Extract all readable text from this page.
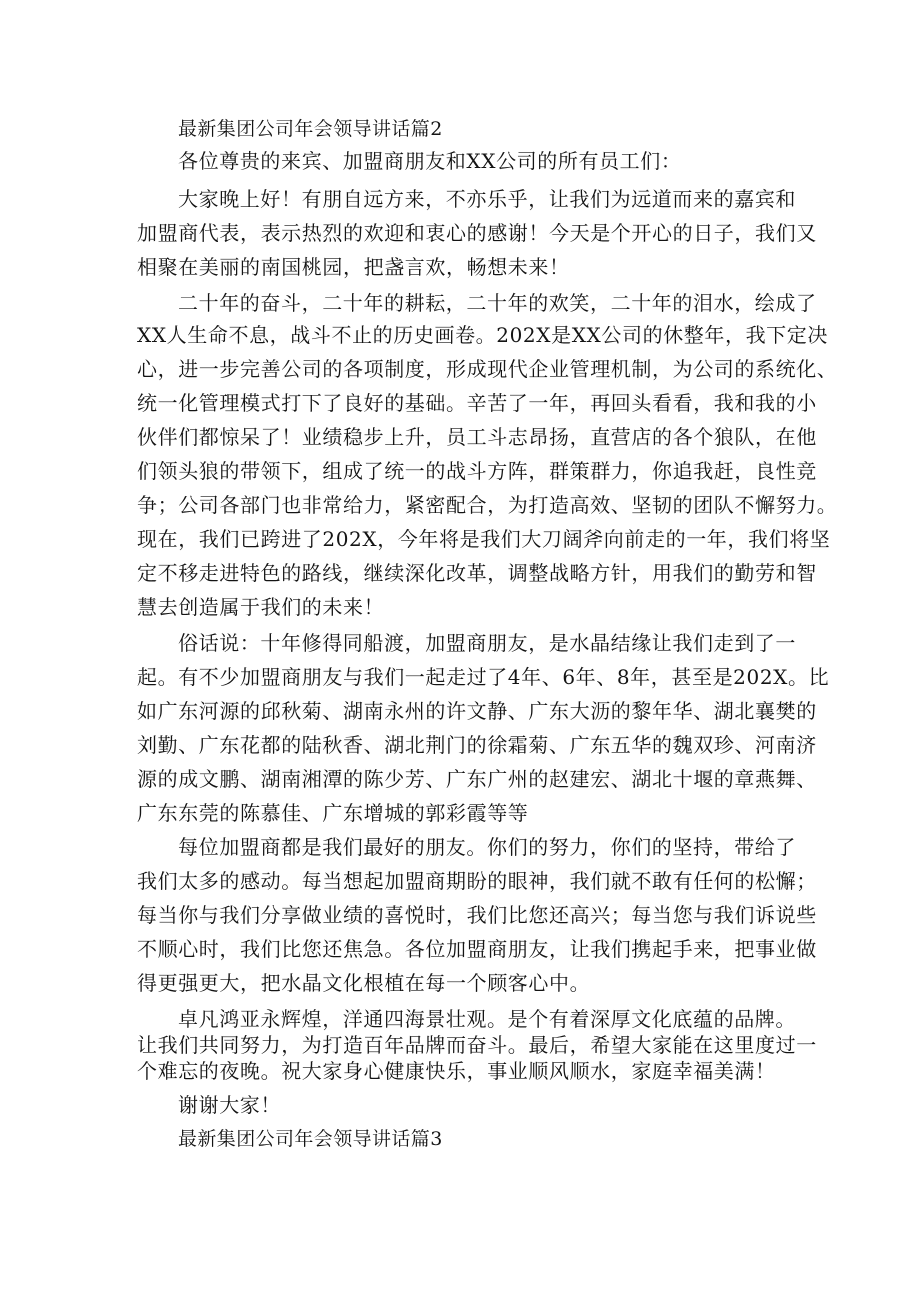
最新集团公司年会领导讲话篇2
各位尊贵的来宾、加盟商朋友和XX公司的所有员工们：
大家晚上好！有朋自远方来，不亦乐乎，让我们为远道而来的嘉宾和
加盟商代表，表示热烈的欢迎和衷心的感谢！今天是个开心的日子，我们又
相聚在美丽的南国桃园，把盏言欢，畅想未来！
二十年的奋斗，二十年的耕耘，二十年的欢笑，二十年的泪水，绘成了
XX人生命不息，战斗不止的历史画卷。202X是XX公司的休整年，我下定决
心，进一步完善公司的各项制度，形成现代企业管理机制，为公司的系统化、
统一化管理模式打下了良好的基础。辛苦了一年，再回头看看，我和我的小
伙伴们都惊呆了！业绩稳步上升，员工斗志昂扬，直营店的各个狼队，在他
们领头狼的带领下，组成了统一的战斗方阵，群策群力，你追我赶，良性竞
争；公司各部门也非常给力，紧密配合，为打造高效、坚韧的团队不懈努力。
现在，我们已跨进了202X，今年将是我们大刀阔斧向前走的一年，我们将坚
定不移走进特色的路线，继续深化改革，调整战略方针，用我们的勤劳和智
慧去创造属于我们的未来！
俗话说：十年修得同船渡，加盟商朋友，是水晶结缘让我们走到了一
起。有不少加盟商朋友与我们一起走过了4年、6年、8年，甚至是202X。比
如广东河源的邱秋菊、湖南永州的许文静、广东大沥的黎年华、湖北襄樊的
刘勤、广东花都的陆秋香、湖北荆门的徐霜菊、广东五华的魏双珍、河南济
源的成文鹏、湖南湘潭的陈少芳、广东广州的赵建宏、湖北十堰的章燕舞、
广东东莞的陈慕佳、广东增城的郭彩霞等等
每位加盟商都是我们最好的朋友。你们的努力，你们的坚持，带给了
我们太多的感动。每当想起加盟商期盼的眼神，我们就不敢有任何的松懈；
每当你与我们分享做业绩的喜悦时，我们比您还高兴；每当您与我们诉说些
不顺心时，我们比您还焦急。各位加盟商朋友，让我们携起手来，把事业做
得更强更大，把水晶文化根植在每一个顾客心中。
卓凡鸿亚永辉煌，洋通四海景壮观。是个有着深厚文化底蕴的品牌。
让我们共同努力，为打造百年品牌而奋斗。最后，希望大家能在这里度过一
个难忘的夜晚。祝大家身心健康快乐，事业顺风顺水，家庭幸福美满！
谢谢大家！
最新集团公司年会领导讲话篇3
